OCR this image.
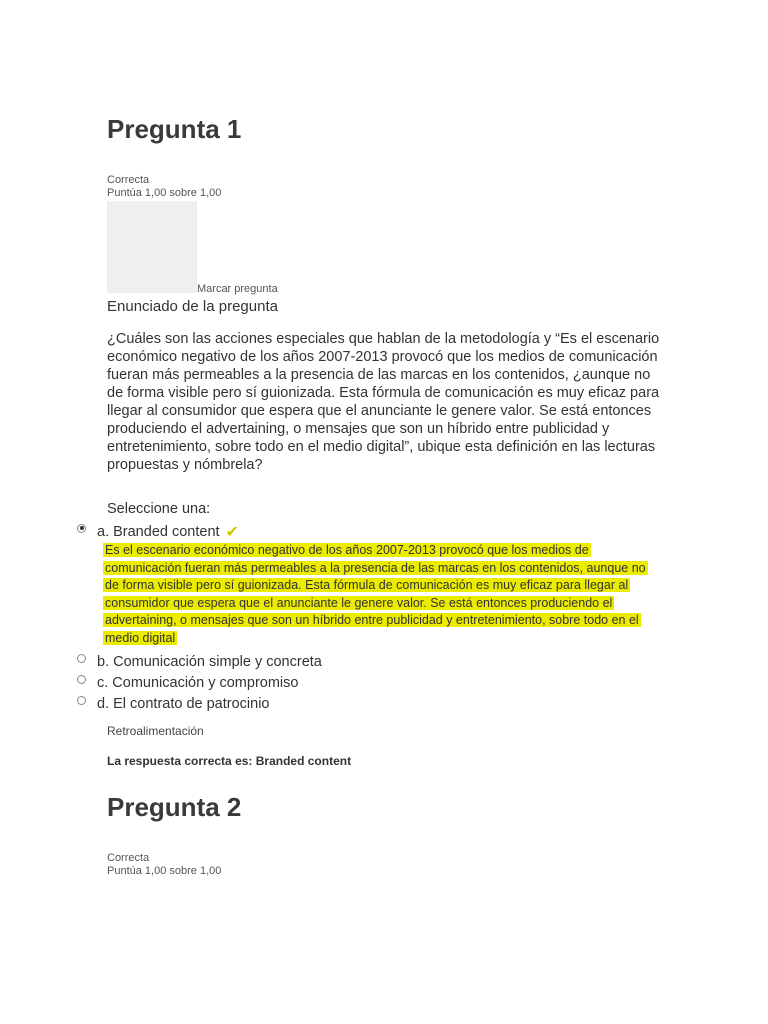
Pregunta 1
Correcta
Puntúa 1,00 sobre 1,00
Marcar pregunta
Enunciado de la pregunta
¿Cuáles son las acciones especiales que hablan de la metodología y “Es el escenario económico negativo de los años 2007-2013 provocó que los medios de comunicación fueran más permeables a la presencia de las marcas en los contenidos, ¿aunque no de forma visible pero sí guionizada. Esta fórmula de comunicación es muy eficaz para llegar al consumidor que espera que el anunciante le genere valor. Se está entonces produciendo el advertaining, o mensajes que son un híbrido entre publicidad y entretenimiento, sobre todo en el medio digital”, ubique esta definición en las lecturas propuestas y nómbrela?
Seleccione una:
a. Branded content ✔
Es el escenario económico negativo de los años 2007-2013 provocó que los medios de comunicación fueran más permeables a la presencia de las marcas en los contenidos, aunque no de forma visible pero sí guionizada. Esta fórmula de comunicación es muy eficaz para llegar al consumidor que espera que el anunciante le genere valor. Se está entonces produciendo el advertaining, o mensajes que son un híbrido entre publicidad y entretenimiento, sobre todo en el medio digital
b. Comunicación simple y concreta
c. Comunicación y compromiso
d. El contrato de patrocinio
Retroalimentación
La respuesta correcta es: Branded content
Pregunta 2
Correcta
Puntúa 1,00 sobre 1,00
